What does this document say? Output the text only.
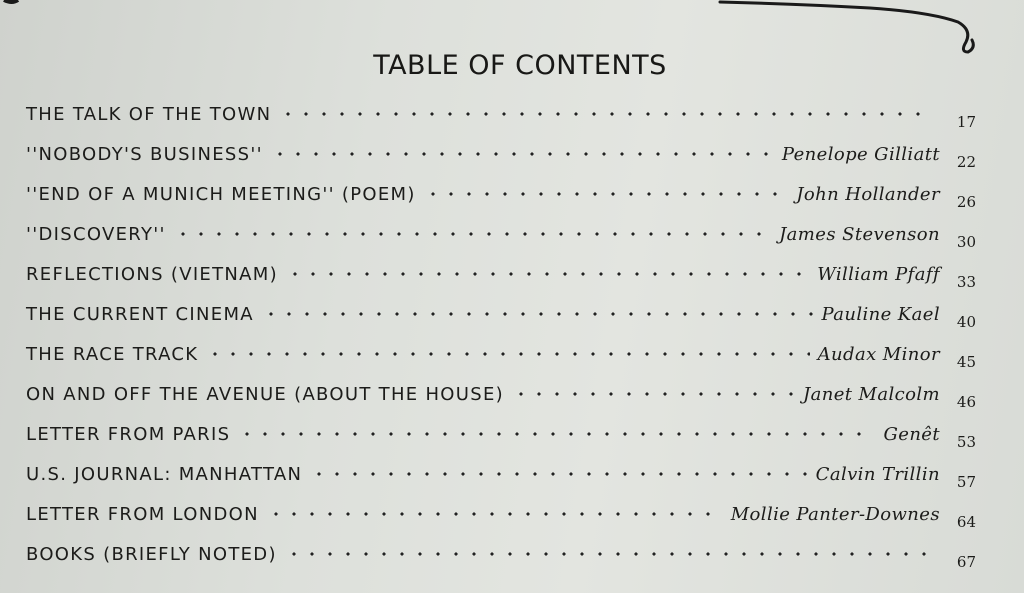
TABLE OF CONTENTS
THE TALK OF THE TOWN	17
''NOBODY'S BUSINESS''	Penelope Gilliatt	22
''END OF A MUNICH MEETING'' (POEM)	John Hollander	26
''DISCOVERY''	James Stevenson	30
REFLECTIONS (VIETNAM)	William Pfaff	33
THE CURRENT CINEMA	Pauline Kael	40
THE RACE TRACK	Audax Minor	45
ON AND OFF THE AVENUE (ABOUT THE HOUSE)	Janet Malcolm	46
LETTER FROM PARIS	Genêt	53
U.S. JOURNAL: MANHATTAN	Calvin Trillin	57
LETTER FROM LONDON	Mollie Panter-Downes	64
BOOKS (BRIEFLY NOTED)	67
